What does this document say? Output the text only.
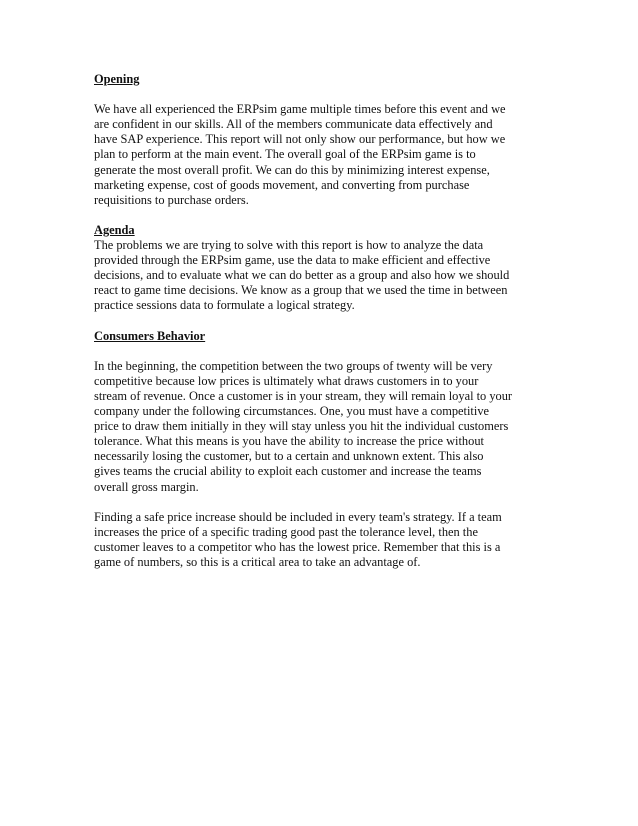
Opening
We have all experienced the ERPsim game multiple times before this event and we
are confident in our skills. All of the members communicate data effectively and
have SAP experience. This report will not only show our performance, but how we
plan to perform at the main event. The overall goal of the ERPsim game is to
generate the most overall profit. We can do this by minimizing interest expense,
marketing expense, cost of goods movement, and converting from purchase
requisitions to purchase orders.
Agenda
The problems we are trying to solve with this report is how to analyze the data
provided through the ERPsim game, use the data to make efficient and effective
decisions, and to evaluate what we can do better as a group and also how we should
react to game time decisions. We know as a group that we used the time in between
practice sessions data to formulate a logical strategy.
Consumers Behavior
In the beginning, the competition between the two groups of twenty will be very
competitive because low prices is ultimately what draws customers in to your
stream of revenue. Once a customer is in your stream, they will remain loyal to your
company under the following circumstances. One, you must have a competitive
price to draw them initially in they will stay unless you hit the individual customers
tolerance. What this means is you have the ability to increase the price without
necessarily losing the customer, but to a certain and unknown extent. This also
gives teams the crucial ability to exploit each customer and increase the teams
overall gross margin.
Finding a safe price increase should be included in every team's strategy. If a team
increases the price of a specific trading good past the tolerance level, then the
customer leaves to a competitor who has the lowest price. Remember that this is a
game of numbers, so this is a critical area to take an advantage of.
